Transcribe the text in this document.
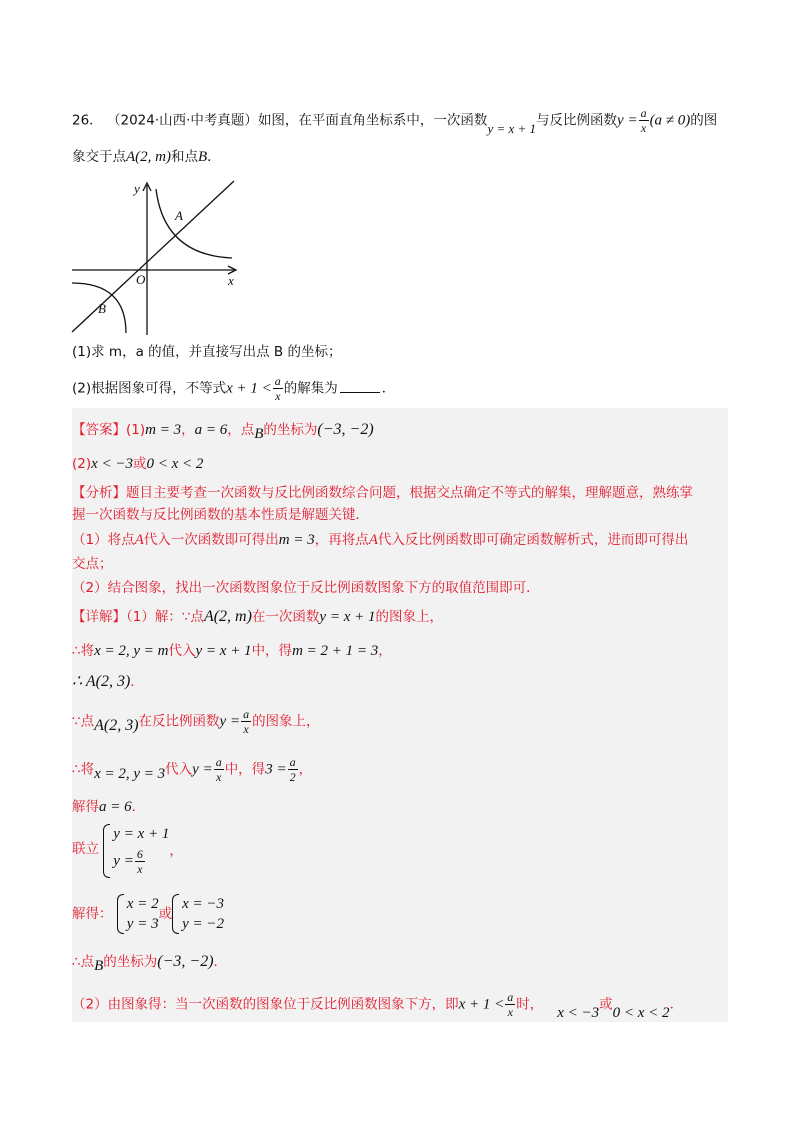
26． （2024·山西·中考真题）如图，在平面直角坐标系中，一次函数y = x + 1与反比例函数$y = \frac{a}{x} (a \ne 0)$的图
象交于点A(2, m)和点B．
y
x
O
A
B
(1)求 m，a 的值，并直接写出点 B 的坐标；
(2)根据图象可得，不等式$x + 1 < \frac{a}{x}$ 的解集为	．
【答案】(1)m = 3，a = 6，点B的坐标为(−3, −2)
(2)x < −3或0 < x < 2
【分析】题目主要考查一次函数与反比例函数综合问题，根据交点确定不等式的解集，理解题意，熟练掌
握一次函数与反比例函数的基本性质是解题关键．
（1）将点A代入一次函数即可得出m = 3，再将点A代入反比例函数即可确定函数解析式，进而即可得出
交点；
（2）结合图象，找出一次函数图象位于反比例函数图象下方的取值范围即可．
【详解】（1）解：∵点A(2, m)在一次函数y = x + 1的图象上，
∴将x = 2, y = m代入y = x + 1中，得m = 2 + 1 = 3，
∴ A(2, 3)．
∵点A(2, 3)在反比例函数$y = \frac{a}{x}$ 的图象上，
∴将x = 2, y = 3代入$y = \frac{a}{x}$ 中，得$3 = \frac{a}{2}$ ，
解得a = 6．
联立
y = x + 1
$y = \frac{6}{x}$ ，
解得：
x = 2
y = 3
或
x = −3
y = −2
∴点B的坐标为(−3, −2)．
（2）由图象得：当一次函数的图象位于反比例函数图象下方，即$x + 1 < \frac{a}{x}$ 时， x < −3或0 < x < 2．
